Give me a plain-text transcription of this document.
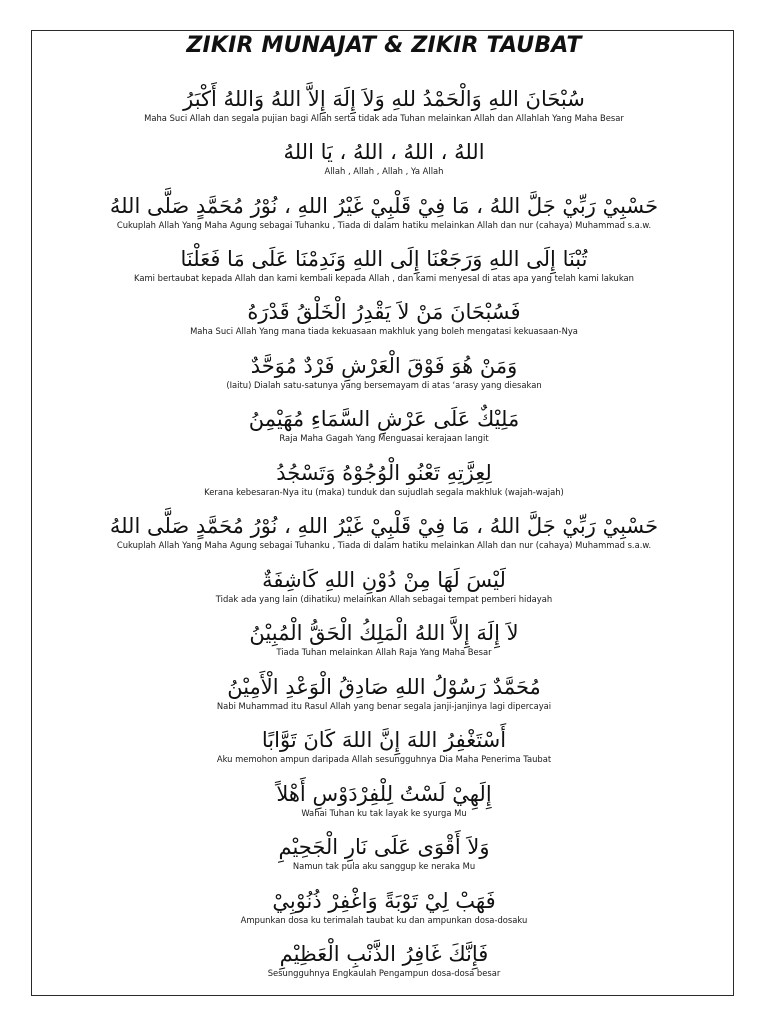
ZIKIR MUNAJAT & ZIKIR TAUBAT
سُبْحَانَ اللهِ وَالْحَمْدُ للهِ وَلاَ إِلَهَ إِلاَّ اللهُ وَاللهُ أَكْبَرُ
Maha Suci Allah dan segala pujian bagi Allah serta tidak ada Tuhan melainkan Allah dan Allahlah Yang Maha Besar
اللهُ ، اللهُ ، اللهُ ، يَا اللهُ
Allah , Allah , Allah , Ya Allah
حَسْبِيْ رَبِّيْ جَلَّ اللهُ ، مَا فِيْ قَلْبِيْ غَيْرُ اللهِ ، نُوْرُ مُحَمَّدٍ صَلَّى اللهُ
Cukuplah Allah Yang Maha Agung sebagai Tuhanku , Tiada di dalam hatiku melainkan Allah dan nur (cahaya) Muhammad s.a.w.
تُبْنَا إِلَى اللهِ وَرَجَعْنَا إِلَى اللهِ وَنَدِمْنَا عَلَى مَا فَعَلْنَا
Kami bertaubat kepada Allah dan kami kembali kepada Allah , dan kami menyesal di atas apa yang telah kami lakukan
فَسُبْحَانَ مَنْ لاَ يَقْدِرُ الْخَلْقُ قَدْرَهُ
Maha Suci Allah Yang mana tiada kekuasaan makhluk yang boleh mengatasi kekuasaan-Nya
وَمَنْ هُوَ فَوْقَ الْعَرْشِ فَرْدٌ مُوَحَّدٌ
(Iaitu) Dialah satu-satunya yang bersemayam di atas ‘arasy yang diesakan
مَلِيْكٌ عَلَى عَرْشِ السَّمَاءِ مُهَيْمِنُ
Raja Maha Gagah Yang Menguasai kerajaan langit
لِعِزَّتِهِ تَعْنُو الْوُجُوْهُ وَتَسْجُدُ
Kerana kebesaran-Nya itu (maka) tunduk dan sujudlah segala makhluk (wajah-wajah)
حَسْبِيْ رَبِّيْ جَلَّ اللهُ ، مَا فِيْ قَلْبِيْ غَيْرُ اللهِ ، نُوْرُ مُحَمَّدٍ صَلَّى اللهُ
Cukuplah Allah Yang Maha Agung sebagai Tuhanku , Tiada di dalam hatiku melainkan Allah dan nur (cahaya) Muhammad s.a.w.
لَيْسَ لَهَا مِنْ دُوْنِ اللهِ كَاشِفَةٌ
Tidak ada yang lain (dihatiku) melainkan Allah sebagai tempat pemberi hidayah
لاَ إِلَهَ إِلاَّ اللهُ الْمَلِكُ الْحَقُّ الْمُبِيْنُ
Tiada Tuhan melainkan Allah Raja Yang Maha Besar
مُحَمَّدٌ رَسُوْلُ اللهِ صَادِقُ الْوَعْدِ الْأَمِيْنُ
Nabi Muhammad itu Rasul Allah yang benar segala janji-janjinya lagi dipercayai
أَسْتَغْفِرُ اللهَ إِنَّ اللهَ كَانَ تَوَّابًا
Aku memohon ampun daripada Allah sesungguhnya Dia Maha Penerima Taubat
إِلَهِيْ لَسْتُ لِلْفِرْدَوْسِ أَهْلاً
Wahai Tuhan ku tak layak ke syurga Mu
وَلاَ أَقْوَى عَلَى نَارِ الْجَحِيْمِ
Namun tak pula aku sanggup ke neraka Mu
فَهَبْ لِيْ تَوْبَةً وَاغْفِرْ ذُنُوْبِيْ
Ampunkan dosa ku terimalah taubat ku dan ampunkan dosa-dosaku
فَإِنَّكَ غَافِرُ الذَّنْبِ الْعَظِيْمِ
Sesungguhnya Engkaulah Pengampun dosa-dosa besar
